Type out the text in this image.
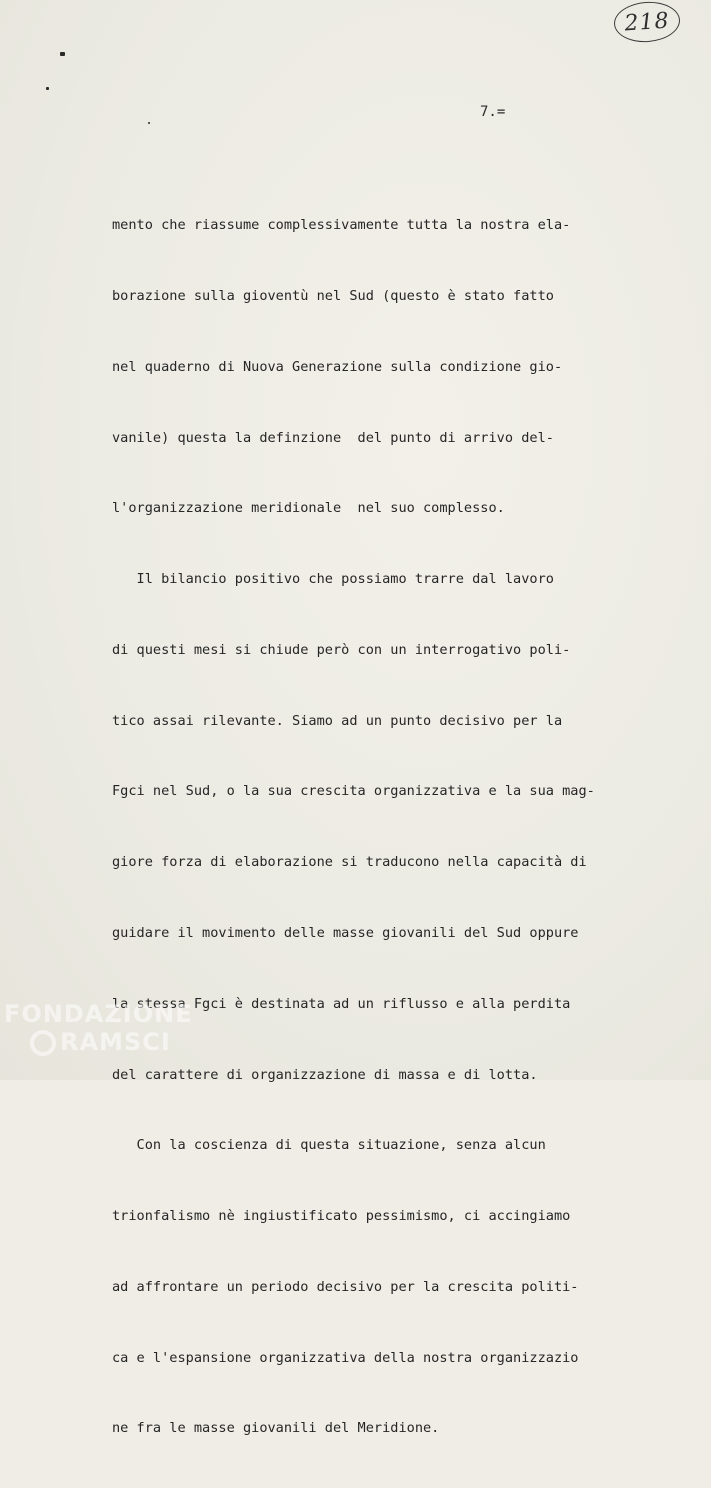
218
7.=

mento che riassume complessivamente tutta la nostra ela-

borazione sulla gioventù nel Sud (questo è stato fatto

nel quaderno di Nuova Generazione sulla condizione gio-

vanile) questa la definzione  del punto di arrivo del-

l'organizzazione meridionale  nel suo complesso.

Il bilancio positivo che possiamo trarre dal lavoro

di questi mesi si chiude però con un interrogativo poli-

tico assai rilevante. Siamo ad un punto decisivo per la

Fgci nel Sud, o la sua crescita organizzativa e la sua mag-

giore forza di elaborazione si traducono nella capacità di

guidare il movimento delle masse giovanili del Sud oppure

la stessa Fgci è destinata ad un riflusso e alla perdita

del carattere di organizzazione di massa e di lotta.

Con la coscienza di questa situazione, senza alcun

trionfalismo nè ingiustificato pessimismo, ci accingiamo

ad affrontare un periodo decisivo per la crescita politi-

ca e l'espansione organizzativa della nostra organizzazio

ne fra le masse giovanili del Meridione.

FONDAZIONE
RAMSCI
